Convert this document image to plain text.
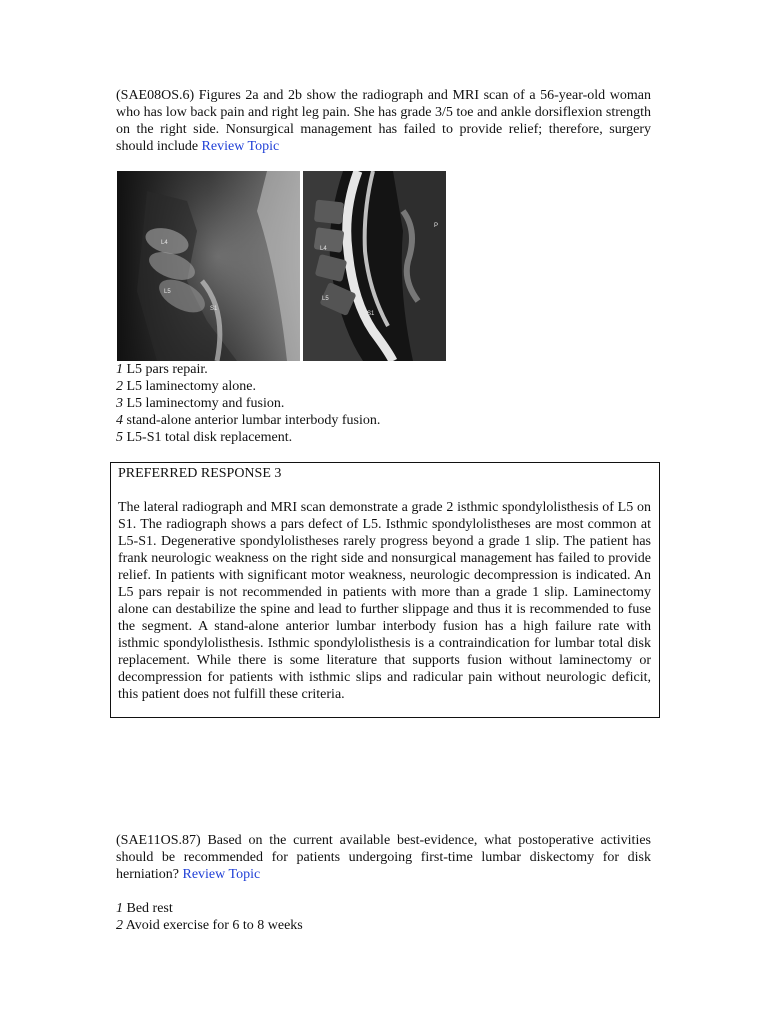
(SAE08OS.6) Figures 2a and 2b show the radiograph and MRI scan of a 56-year-old woman who has low back pain and right leg pain. She has grade 3/5 toe and ankle dorsiflexion strength on the right side. Nonsurgical management has failed to provide relief; therefore, surgery should include Review Topic
L4
L5
S1
L4
L5
S1
P
1 L5 pars repair.
2 L5 laminectomy alone.
3 L5 laminectomy and fusion.
4 stand-alone anterior lumbar interbody fusion.
5 L5-S1 total disk replacement.
PREFERRED RESPONSE 3

The lateral radiograph and MRI scan demonstrate a grade 2 isthmic spondylolisthesis of L5 on S1. The radiograph shows a pars defect of L5. Isthmic spondylolistheses are most common at L5-S1. Degenerative spondylolistheses rarely progress beyond a grade 1 slip. The patient has frank neurologic weakness on the right side and nonsurgical management has failed to provide relief. In patients with significant motor weakness, neurologic decompression is indicated. An L5 pars repair is not recommended in patients with more than a grade 1 slip. Laminectomy alone can destabilize the spine and lead to further slippage and thus it is recommended to fuse the segment. A stand-alone anterior lumbar interbody fusion has a high failure rate with isthmic spondylolisthesis. Isthmic spondylolisthesis is a contraindication for lumbar total disk replacement. While there is some literature that supports fusion without laminectomy or decompression for patients with isthmic slips and radicular pain without neurologic deficit, this patient does not fulfill these criteria.

(SAE11OS.87) Based on the current available best-evidence, what postoperative activities should be recommended for patients undergoing first-time lumbar diskectomy for disk herniation? Review Topic
1 Bed rest
2 Avoid exercise for 6 to 8 weeks
